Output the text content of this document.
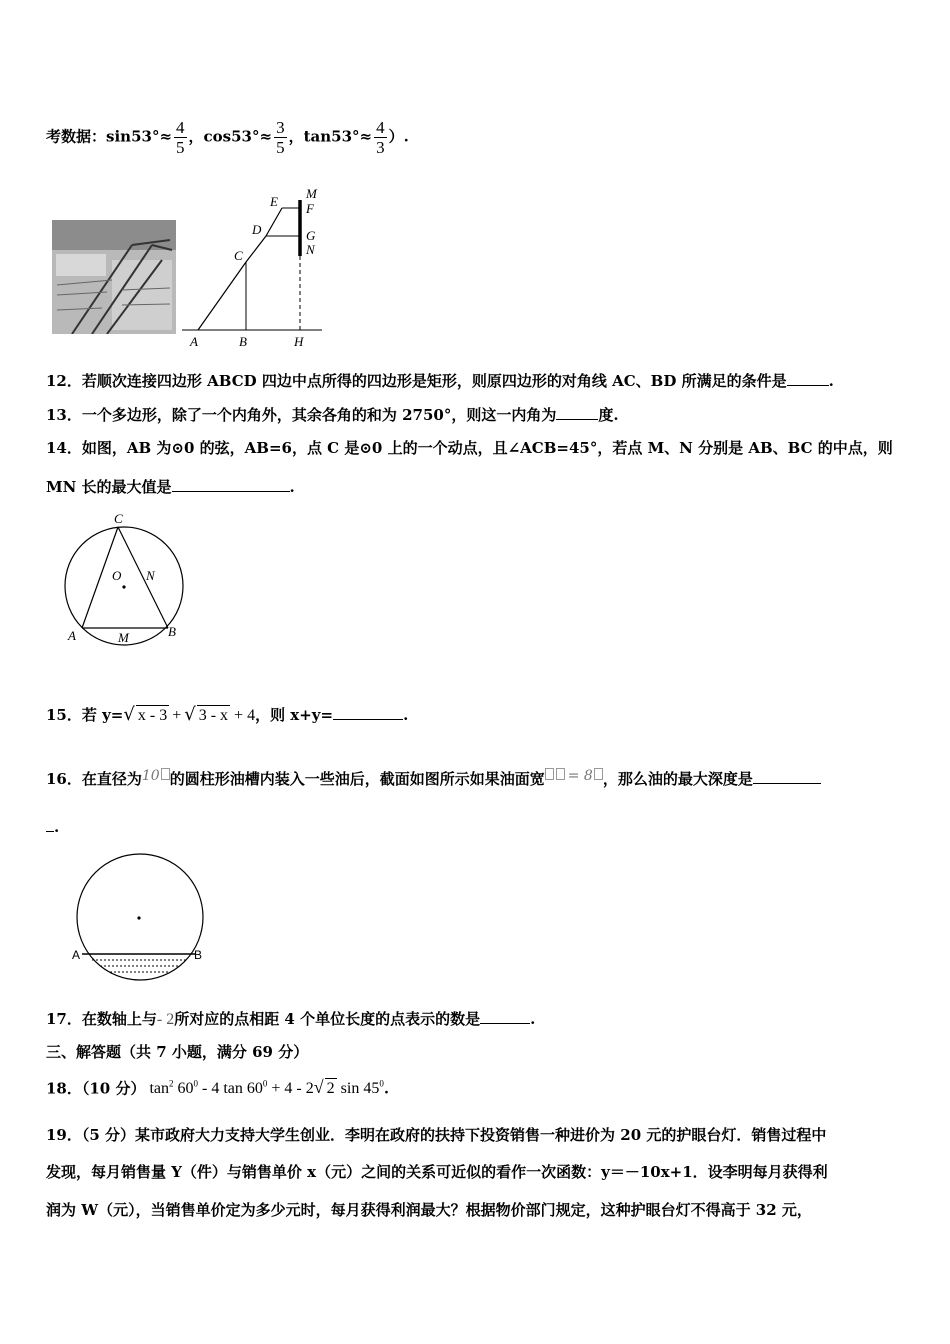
考数据：$\sin 53^\circ\approx \frac{4}{5}$ ，$\cos 53^\circ\approx \frac{3}{5}$ ，$\tan 53^\circ\approx \frac{4}{3}$ ）.
M
E F
D	G
C	N
A	B	H
12．若顺次连接四边形 ABCD 四边中点所得的四边形是矩形，则原四边形的对角线 AC、BD 所满足的条件是	.
13．一个多边形，除了一个内角外，其余各角的和为 2750°，则这一内角为	度.
14．如图，AB 为⊙0 的弦，AB=6，点 C 是⊙0 上的一个动点，且∠ACB=45°，若点 M、N 分别是 AB、BC 的中点，则
MN 长的最大值是	.
C
O N
A	M	B
15．若 y=√ x - 3 + √ 3 - x + 4，则 x+y=	.
16．在直径为10 的圆柱形油槽内装入一些油后，截面如图所示如果油面宽 = 8 ，那么油的最大深度是
.
A	B
17．在数轴上与- 2所对应的点相距 4 个单位长度的点表示的数是	.
三、解答题（共 7 小题，满分 69 分）
18．（10 分） $\tan^2 60^0 - 4$ $\tan 60^0 + 4 - 2√$ 2 $\sin 45^0$.
19．（5 分）某市政府大力支持大学生创业．李明在政府的扶持下投资销售一种进价为 20 元的护眼台灯．销售过程中
发现，每月销售量 Y（件）与销售单价 x（元）之间的关系可近似的看作一次函数：y＝－10x+1．设李明每月获得利
润为 W（元），当销售单价定为多少元时，每月获得利润最大？根据物价部门规定，这种护眼台灯不得高于 32 元，
